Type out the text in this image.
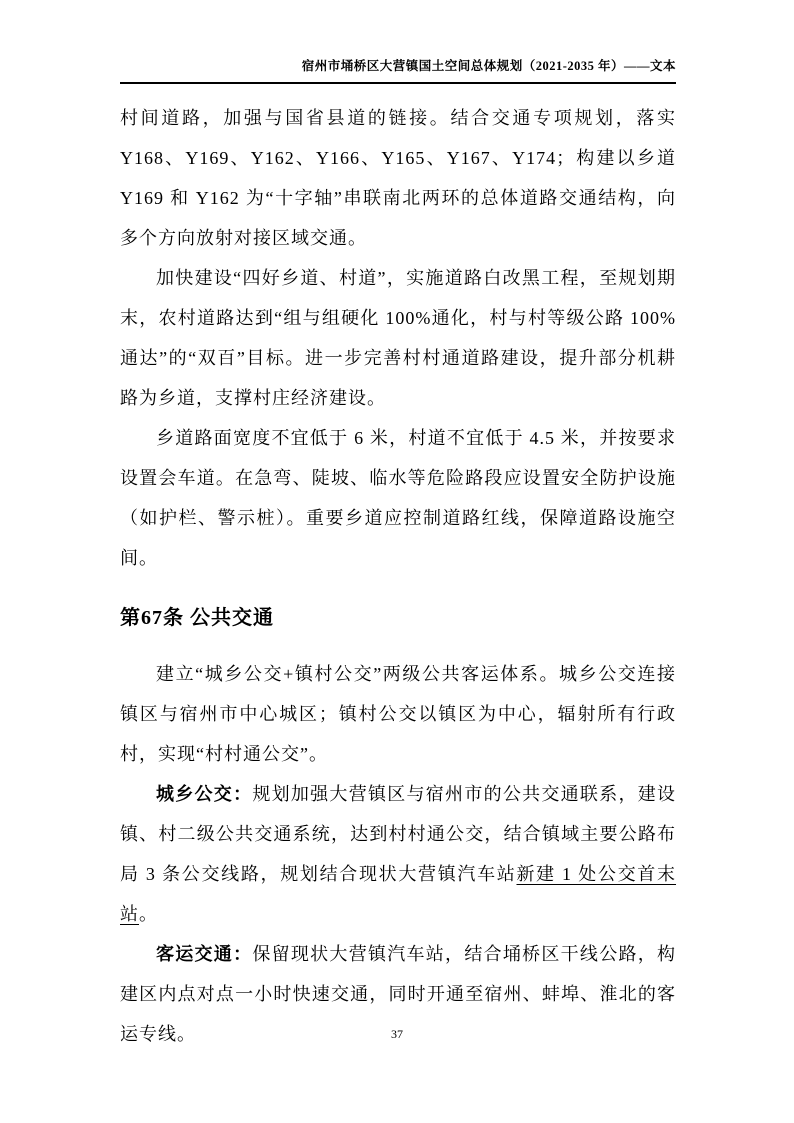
宿州市埇桥区大营镇国土空间总体规划（2021-2035 年）——文本

村间道路，加强与国省县道的链接。结合交通专项规划，落实 Y168、Y169、Y162、Y166、Y165、Y167、Y174；构建以乡道 Y169 和 Y162 为“十字轴”串联南北两环的总体道路交通结构，向多个方向放射对接区域交通。

加快建设“四好乡道、村道”，实施道路白改黑工程，至规划期末，农村道路达到“组与组硬化 100%通化，村与村等级公路 100%通达”的“双百”目标。进一步完善村村通道路建设，提升部分机耕路为乡道，支撑村庄经济建设。

乡道路面宽度不宜低于 6 米，村道不宜低于 4.5 米，并按要求设置会车道。在急弯、陡坡、临水等危险路段应设置安全防护设施（如护栏、警示桩）。重要乡道应控制道路红线，保障道路设施空间。

第67条 公共交通

建立“城乡公交+镇村公交”两级公共客运体系。城乡公交连接镇区与宿州市中心城区；镇村公交以镇区为中心，辐射所有行政村，实现“村村通公交”。

城乡公交：规划加强大营镇区与宿州市的公共交通联系，建设镇、村二级公共交通系统，达到村村通公交，结合镇域主要公路布局 3 条公交线路，规划结合现状大营镇汽车站新建 1 处公交首末站。

客运交通：保留现状大营镇汽车站，结合埇桥区干线公路，构建区内点对点一小时快速交通，同时开通至宿州、蚌埠、淮北的客运专线。	37
